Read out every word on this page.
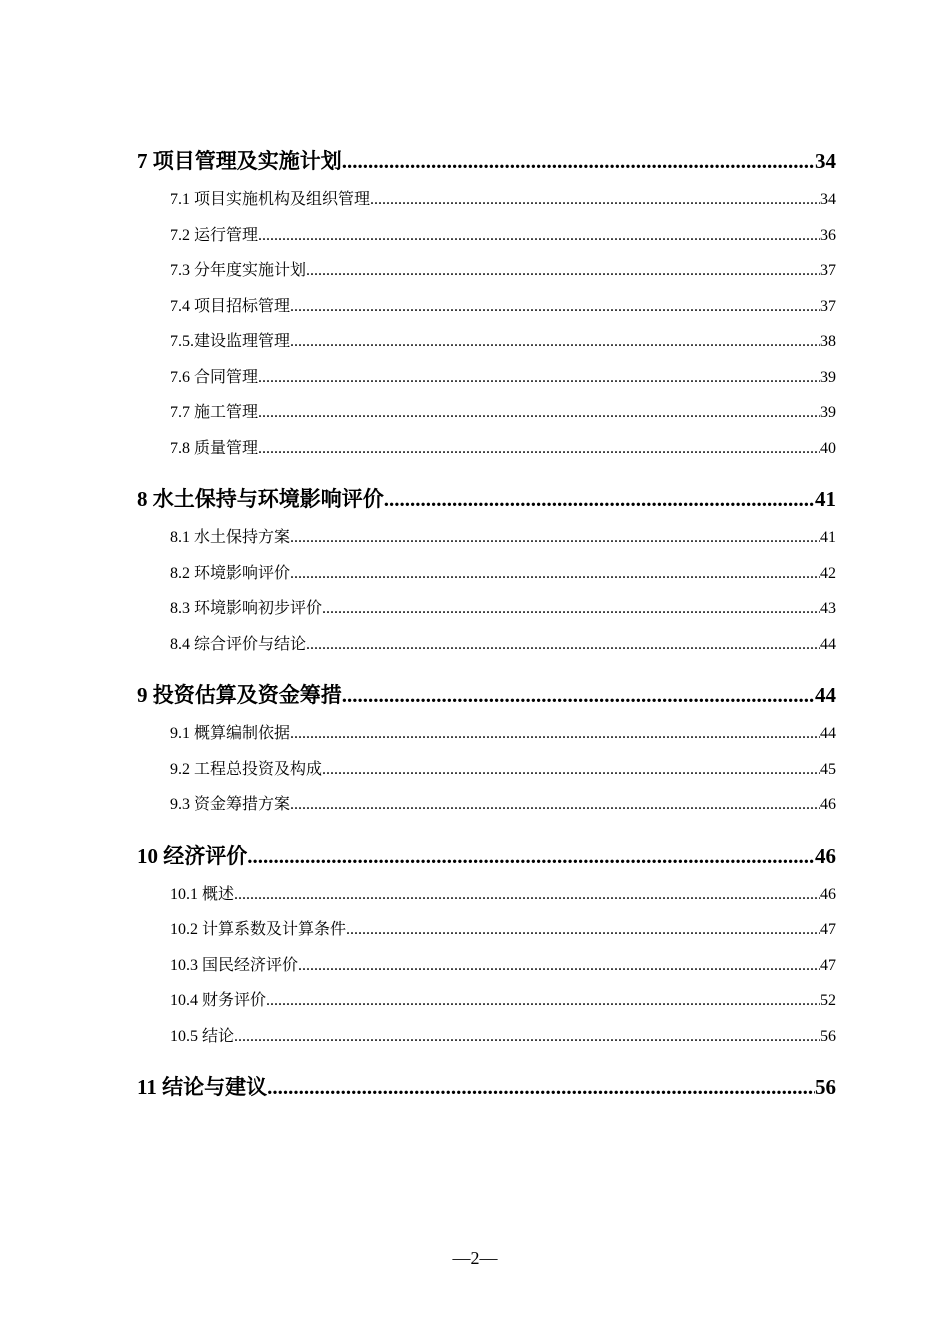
7 项目管理及实施计划 .....	34
7.1 项目实施机构及组织管理 .....	34
7.2 运行管理 .....	36
7.3 分年度实施计划 .....	37
7.4 项目招标管理 .....	37
7.5.建设监理管理 .....	38
7.6 合同管理 .....	39
7.7 施工管理 .....	39
7.8 质量管理 .....	40
8 水土保持与环境影响评价 .....	41
8.1 水土保持方案 .....	41
8.2 环境影响评价 .....	42
8.3 环境影响初步评价 .....	43
8.4 综合评价与结论 .....	44
9 投资估算及资金筹措 .....	44
9.1 概算编制依据 .....	44
9.2 工程总投资及构成 .....	45
9.3 资金筹措方案 .....	46
10 经济评价 .....	46
10.1 概述 .....	46
10.2 计算系数及计算条件 .....	47
10.3 国民经济评价 .....	47
10.4 财务评价 .....	52
10.5 结论 .....	56
11 结论与建议 .....	56
—2—
